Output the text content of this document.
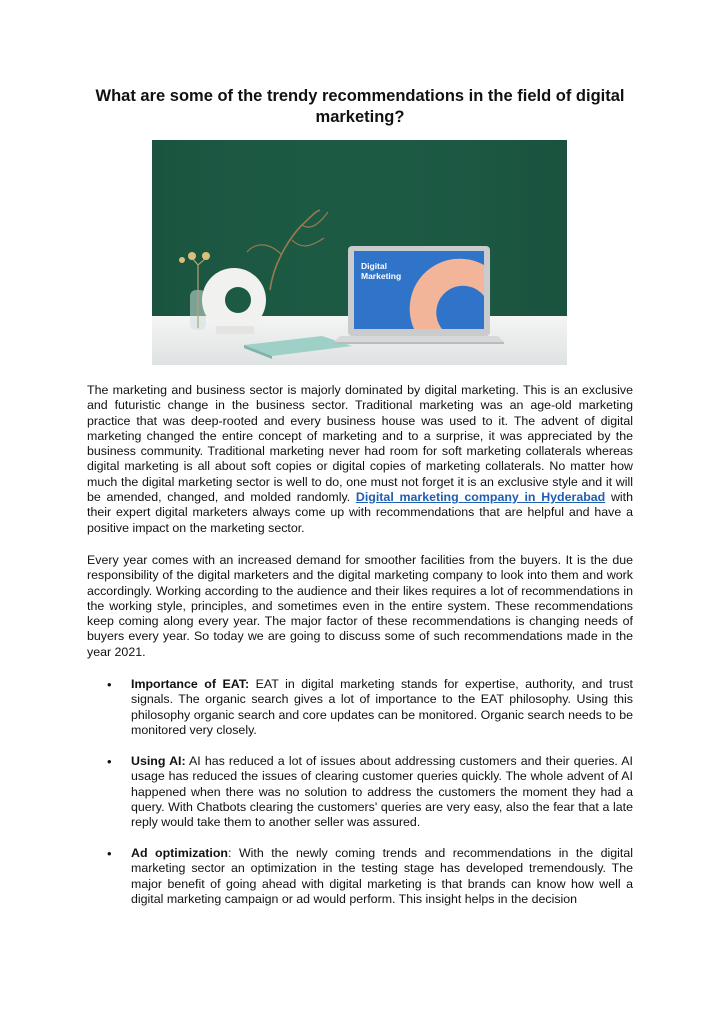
What are some of the trendy recommendations in the field of digital marketing?
Digital
Marketing

The marketing and business sector is majorly dominated by digital marketing. This is an exclusive and futuristic change in the business sector. Traditional marketing was an age-old marketing practice that was deep-rooted and every business house was used to it. The advent of digital marketing changed the entire concept of marketing and to a surprise, it was appreciated by the business community. Traditional marketing never had room for soft marketing collaterals whereas digital marketing is all about soft copies or digital copies of marketing collaterals. No matter how much the digital marketing sector is well to do, one must not forget it is an exclusive style and it will be amended, changed, and molded randomly. Digital marketing company in Hyderabad with their expert digital marketers always come up with recommendations that are helpful and have a positive impact on the marketing sector.

Every year comes with an increased demand for smoother facilities from the buyers. It is the due responsibility of the digital marketers and the digital marketing company to look into them and work accordingly. Working according to the audience and their likes requires a lot of recommendations in the working style, principles, and sometimes even in the entire system. These recommendations keep coming along every year. The major factor of these recommendations is changing needs of buyers every year. So today we are going to discuss some of such recommendations made in the year 2021.

• Importance of EAT: EAT in digital marketing stands for expertise, authority, and trust signals. The organic search gives a lot of importance to the EAT philosophy. Using this philosophy organic search and core updates can be monitored. Organic search needs to be monitored very closely.

• Using AI: AI has reduced a lot of issues about addressing customers and their queries. AI usage has reduced the issues of clearing customer queries quickly. The whole advent of AI happened when there was no solution to address the customers the moment they had a query. With Chatbots clearing the customers' queries are very easy, also the fear that a late reply would take them to another seller was assured.

• Ad optimization: With the newly coming trends and recommendations in the digital marketing sector an optimization in the testing stage has developed tremendously. The major benefit of going ahead with digital marketing is that brands can know how well a digital marketing campaign or ad would perform. This insight helps in the decision
